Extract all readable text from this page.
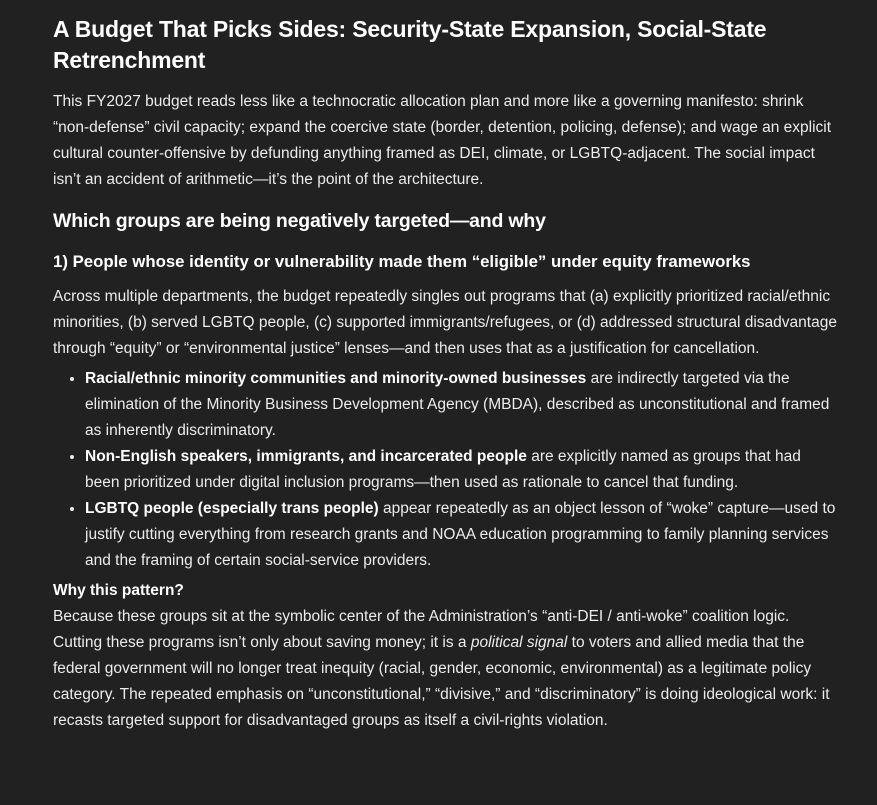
A Budget That Picks Sides: Security-State Expansion, Social-State Retrenchment

This FY2027 budget reads less like a technocratic allocation plan and more like a governing manifesto: shrink “non-defense” civil capacity; expand the coercive state (border, detention, policing, defense); and wage an explicit cultural counter-offensive by defunding anything framed as DEI, climate, or LGBTQ-adjacent. The social impact isn’t an accident of arithmetic—it’s the point of the architecture.

Which groups are being negatively targeted—and why
1) People whose identity or vulnerability made them “eligible” under equity frameworks

Across multiple departments, the budget repeatedly singles out programs that (a) explicitly prioritized racial/ethnic minorities, (b) served LGBTQ people, (c) supported immigrants/refugees, or (d) addressed structural disadvantage through “equity” or “environmental justice” lenses—and then uses that as a justification for cancellation.

• Racial/ethnic minority communities and minority-owned businesses are indirectly targeted via the elimination of the Minority Business Development Agency (MBDA), described as unconstitutional and framed as inherently discriminatory.
• Non-English speakers, immigrants, and incarcerated people are explicitly named as groups that had been prioritized under digital inclusion programs—then used as rationale to cancel that funding.
• LGBTQ people (especially trans people) appear repeatedly as an object lesson of “woke” capture—used to justify cutting everything from research grants and NOAA education programming to family planning services and the framing of certain social-service providers.

Why this pattern?
Because these groups sit at the symbolic center of the Administration’s “anti-DEI / anti-woke” coalition logic. Cutting these programs isn’t only about saving money; it is a political signal to voters and allied media that the federal government will no longer treat inequity (racial, gender, economic, environmental) as a legitimate policy category. The repeated emphasis on “unconstitutional,” “divisive,” and “discriminatory” is doing ideological work: it recasts targeted support for disadvantaged groups as itself a civil-rights violation.
